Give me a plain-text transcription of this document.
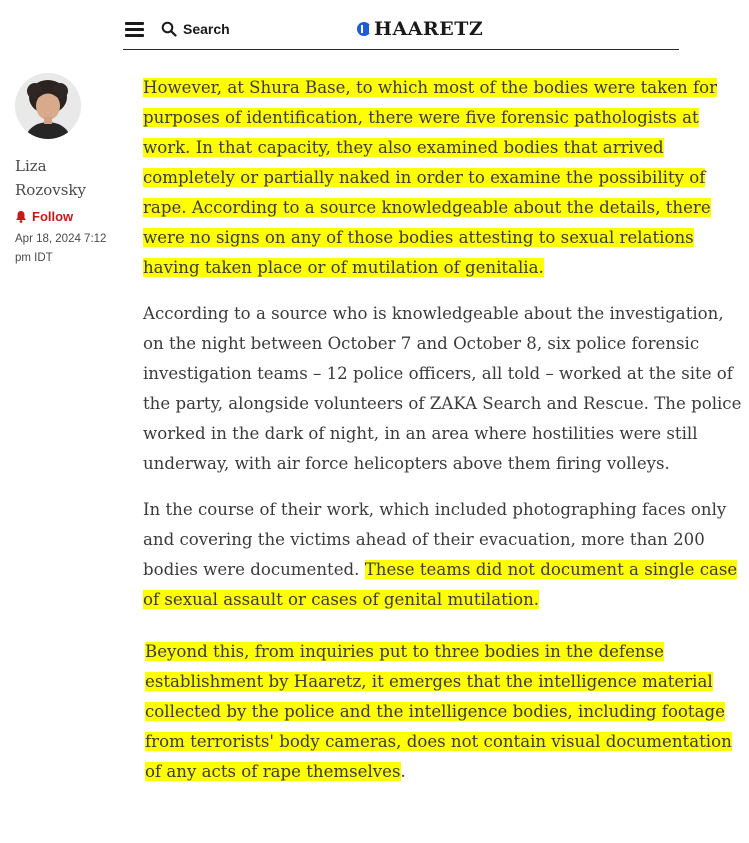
Search	HAARETZ
Liza Rozovsky
Follow
Apr 18, 2024 7:12 pm IDT

However, at Shura Base, to which most of the bodies were taken for purposes of identification, there were five forensic pathologists at work. In that capacity, they also examined bodies that arrived completely or partially naked in order to examine the possibility of rape. According to a source knowledgeable about the details, there were no signs on any of those bodies attesting to sexual relations having taken place or of mutilation of genitalia.

According to a source who is knowledgeable about the investigation, on the night between October 7 and October 8, six police forensic investigation teams – 12 police officers, all told – worked at the site of the party, alongside volunteers of ZAKA Search and Rescue. The police worked in the dark of night, in an area where hostilities were still underway, with air force helicopters above them firing volleys.

In the course of their work, which included photographing faces only and covering the victims ahead of their evacuation, more than 200 bodies were documented. These teams did not document a single case of sexual assault or cases of genital mutilation.

Beyond this, from inquiries put to three bodies in the defense establishment by Haaretz, it emerges that the intelligence material collected by the police and the intelligence bodies, including footage from terrorists' body cameras, does not contain visual documentation of any acts of rape themselves.
